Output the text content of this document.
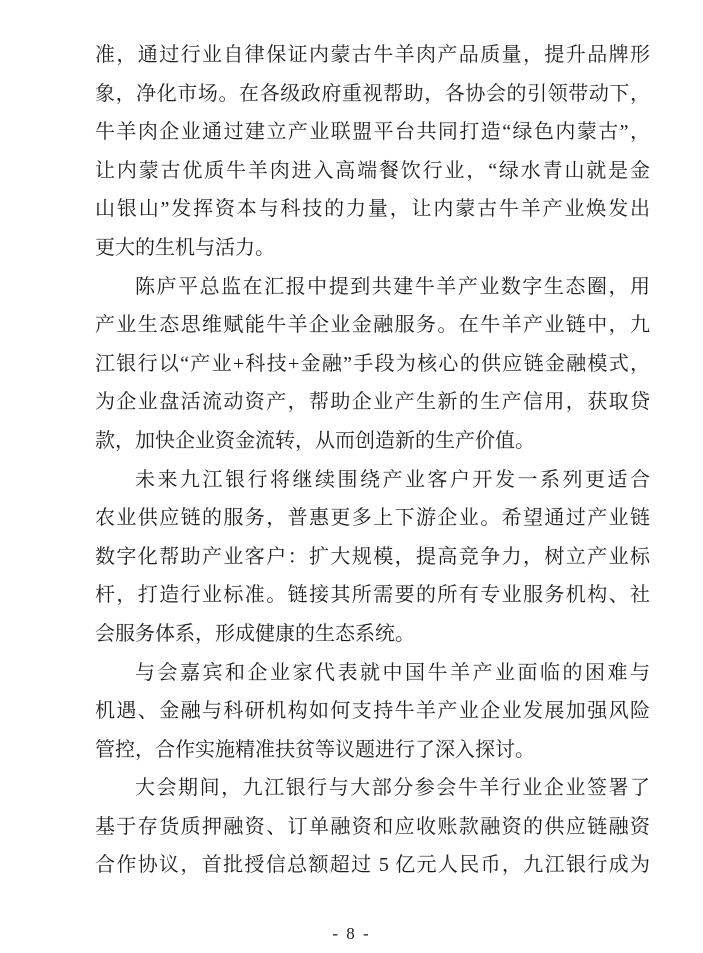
准，通过行业自律保证内蒙古牛羊肉产品质量，提升品牌形
象，净化市场。在各级政府重视帮助，各协会的引领带动下，
牛羊肉企业通过建立产业联盟平台共同打造“绿色内蒙古”，
让内蒙古优质牛羊肉进入高端餐饮行业，“绿水青山就是金
山银山”发挥资本与科技的力量，让内蒙古牛羊产业焕发出
更大的生机与活力。
陈庐平总监在汇报中提到共建牛羊产业数字生态圈，用
产业生态思维赋能牛羊企业金融服务。在牛羊产业链中，九
江银行以“产业+科技+金融”手段为核心的供应链金融模式，
为企业盘活流动资产，帮助企业产生新的生产信用，获取贷
款，加快企业资金流转，从而创造新的生产价值。
未来九江银行将继续围绕产业客户开发一系列更适合
农业供应链的服务，普惠更多上下游企业。希望通过产业链
数字化帮助产业客户：扩大规模，提高竞争力，树立产业标
杆，打造行业标准。链接其所需要的所有专业服务机构、社
会服务体系，形成健康的生态系统。
与会嘉宾和企业家代表就中国牛羊产业面临的困难与
机遇、金融与科研机构如何支持牛羊产业企业发展加强风险
管控，合作实施精准扶贫等议题进行了深入探讨。
大会期间，九江银行与大部分参会牛羊行业企业签署了
基于存货质押融资、订单融资和应收账款融资的供应链融资
合作协议，首批授信总额超过 5 亿元人民币，九江银行成为
- 8 -
